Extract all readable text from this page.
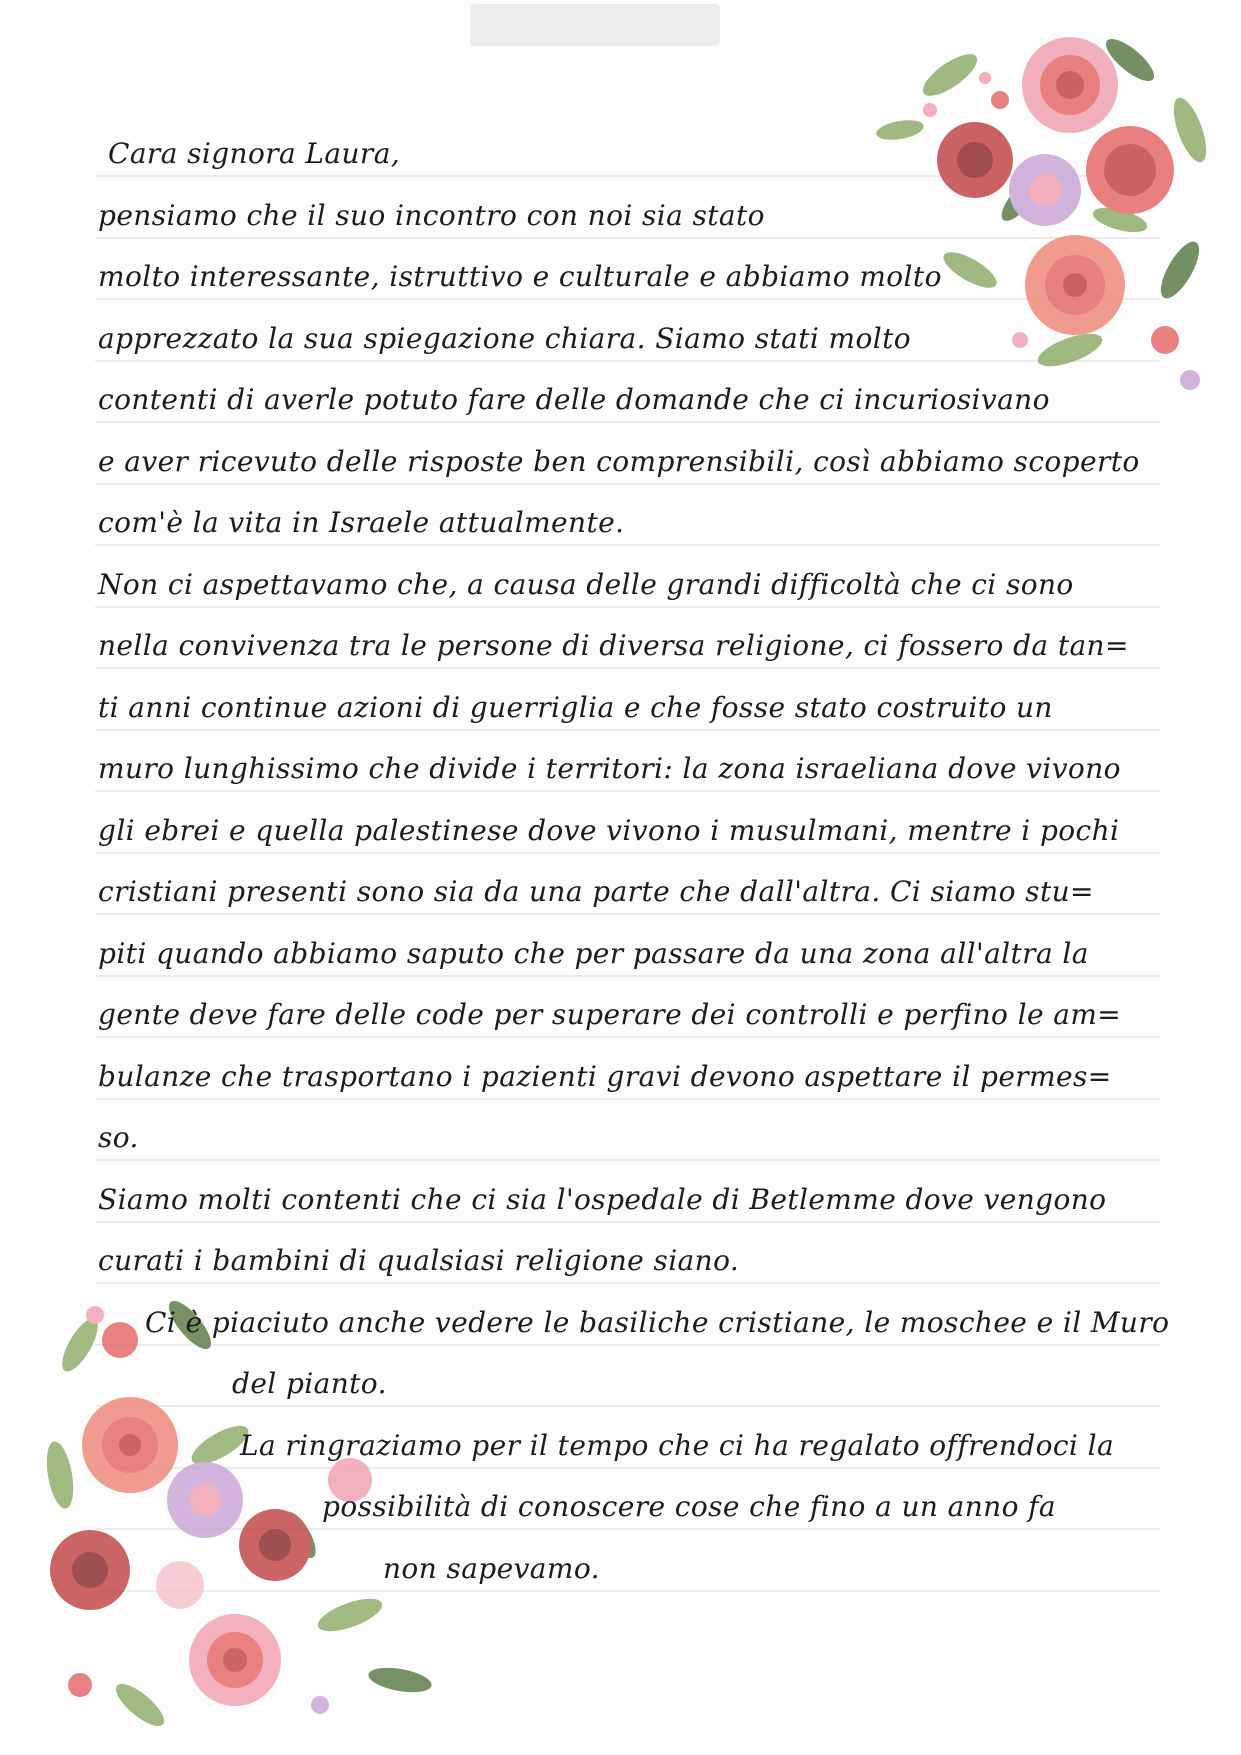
Cara signora Laura,
pensiamo che il suo incontro con noi sia stato
molto interessante, istruttivo e culturale e abbiamo molto
apprezzato la sua spiegazione chiara. Siamo stati molto
contenti di averle potuto fare delle domande che ci incuriosivano
e aver ricevuto delle risposte ben comprensibili, così abbiamo scoperto
com'è la vita in Israele attualmente.
Non ci aspettavamo che, a causa delle grandi difficoltà che ci sono
nella convivenza tra le persone di diversa religione, ci fossero da tan=
ti anni continue azioni di guerriglia e che fosse stato costruito un
muro lunghissimo che divide i territori: la zona israeliana dove vivono
gli ebrei e quella palestinese dove vivono i musulmani, mentre i pochi
cristiani presenti sono sia da una parte che dall'altra. Ci siamo stu=
piti quando abbiamo saputo che per passare da una zona all'altra la
gente deve fare delle code per superare dei controlli e perfino le am=
bulanze che trasportano i pazienti gravi devono aspettare il permes=
so.
Siamo molti contenti che ci sia l'ospedale di Betlemme dove vengono
curati i bambini di qualsiasi religione siano.
Ci è piaciuto anche vedere le basiliche cristiane, le moschee e il Muro
del pianto.
La ringraziamo per il tempo che ci ha regalato offrendoci la
possibilità di conoscere cose che fino a un anno fa
non sapevamo.
